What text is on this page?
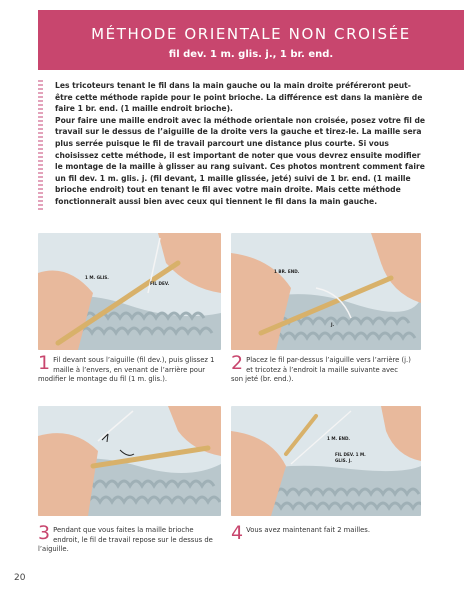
MÉTHODE ORIENTALE NON CROISÉE
fil dev. 1 m. glis. j., 1 br. end.

Les tricoteurs tenant le fil dans la main gauche ou la main droite préféreront peut-être cette méthode rapide pour le point brioche. La différence est dans la manière de faire 1 br. end. (1 maille endroit brioche).

Pour faire une maille endroit avec la méthode orientale non croisée, posez votre fil de travail sur le dessus de l’aiguille de la droite vers la gauche et tirez-le. La maille sera plus serrée puisque le fil de travail parcourt une distance plus courte. Si vous choisissez cette méthode, il est important de noter que vous devrez ensuite modifier le montage de la maille à glisser au rang suivant. Ces photos montrent comment faire un fil dev. 1 m. glis. j. (fil devant, 1 maille glissée, jeté) suivi de 1 br. end. (1 maille brioche endroit) tout en tenant le fil avec votre main droite. Mais cette méthode fonctionnerait aussi bien avec ceux qui tiennent le fil dans la main gauche.

1 M. GLIS.
FIL DEV.
1 BR. END.
J.
1 Fil devant sous l’aiguille (fil dev.), puis glissez 1 maille à l’envers, en venant de l’arrière pour modifier le montage du fil (1 m. glis.).
2 Placez le fil par-dessus l’aiguille vers l’arrière (j.) et tricotez à l’endroit la maille suivante avec son jeté (br. end.).
1 M. END.
FIL DEV. 1 M. GLIS. J.
3 Pendant que vous faites la maille brioche endroit, le fil de travail repose sur le dessus de l’aiguille.
4 Vous avez maintenant fait 2 mailles.
20
